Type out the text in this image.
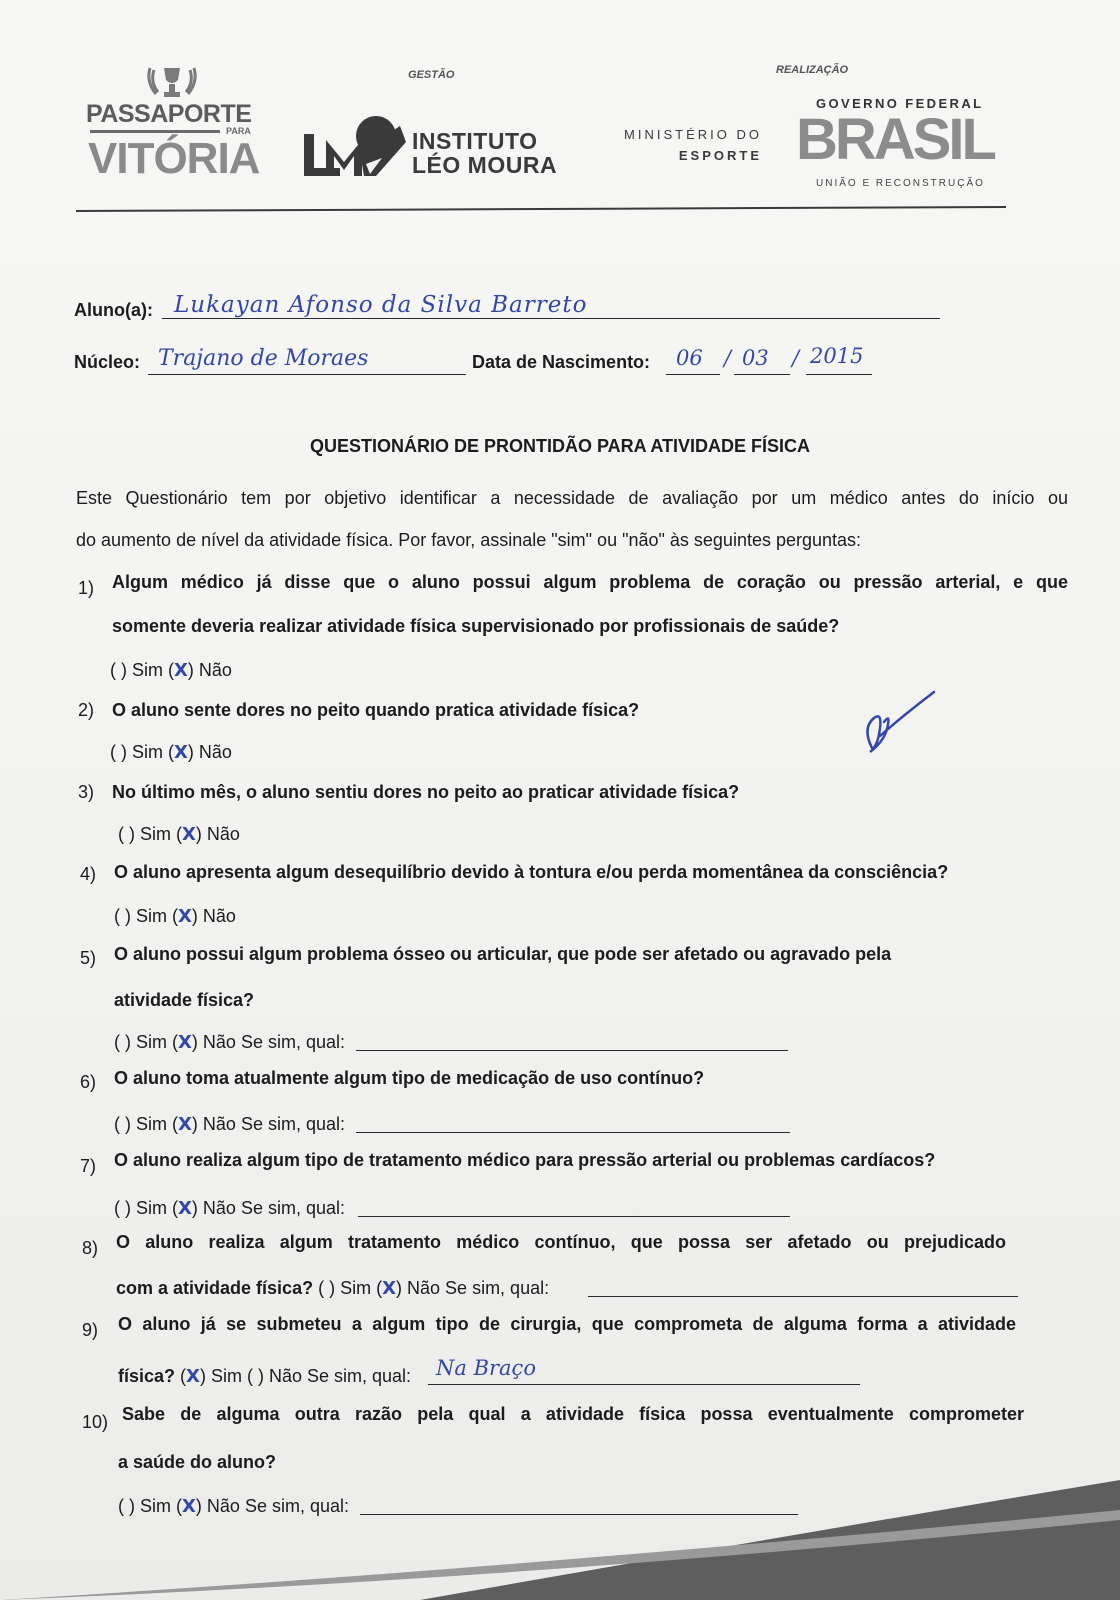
PASSAPORTE
PARA
VITÓRIA
GESTÃO
INSTITUTO
LÉO MOURA
MINISTÉRIO DO
ESPORTE
REALIZAÇÃO
GOVERNO FEDERAL
BRASIL
UNIÃO E RECONSTRUÇÃO
Aluno(a): Lukayan Afonso da Silva Barreto
Núcleo: Trajano de Moraes	Data de Nascimento: 06 / 03 / 2015
QUESTIONÁRIO DE PRONTIDÃO PARA ATIVIDADE FÍSICA
Este Questionário tem por objetivo identificar a necessidade de avaliação por um médico antes do início ou
do aumento de nível da atividade física. Por favor, assinale "sim" ou "não" às seguintes perguntas:
1) Algum médico já disse que o aluno possui algum problema de coração ou pressão arterial, e que
somente deveria realizar atividade física supervisionado por profissionais de saúde?
( ) Sim (X) Não
2) O aluno sente dores no peito quando pratica atividade física?
( ) Sim (X) Não
3) No último mês, o aluno sentiu dores no peito ao praticar atividade física?
( ) Sim (X) Não
4) O aluno apresenta algum desequilíbrio devido à tontura e/ou perda momentânea da consciência?
( ) Sim (X) Não
5) O aluno possui algum problema ósseo ou articular, que pode ser afetado ou agravado pela
atividade física?
( ) Sim (X) Não Se sim, qual:
6) O aluno toma atualmente algum tipo de medicação de uso contínuo?
( ) Sim (X) Não Se sim, qual:
7) O aluno realiza algum tipo de tratamento médico para pressão arterial ou problemas cardíacos?
( ) Sim (X) Não Se sim, qual:
8) O aluno realiza algum tratamento médico contínuo, que possa ser afetado ou prejudicado
com a atividade física? ( ) Sim (X) Não Se sim, qual:
9) O aluno já se submeteu a algum tipo de cirurgia, que comprometa de alguma forma a atividade
física? (X) Sim ( ) Não Se sim, qual: Na Braço
10) Sabe de alguma outra razão pela qual a atividade física possa eventualmente comprometer
a saúde do aluno?
( ) Sim (X) Não Se sim, qual:
